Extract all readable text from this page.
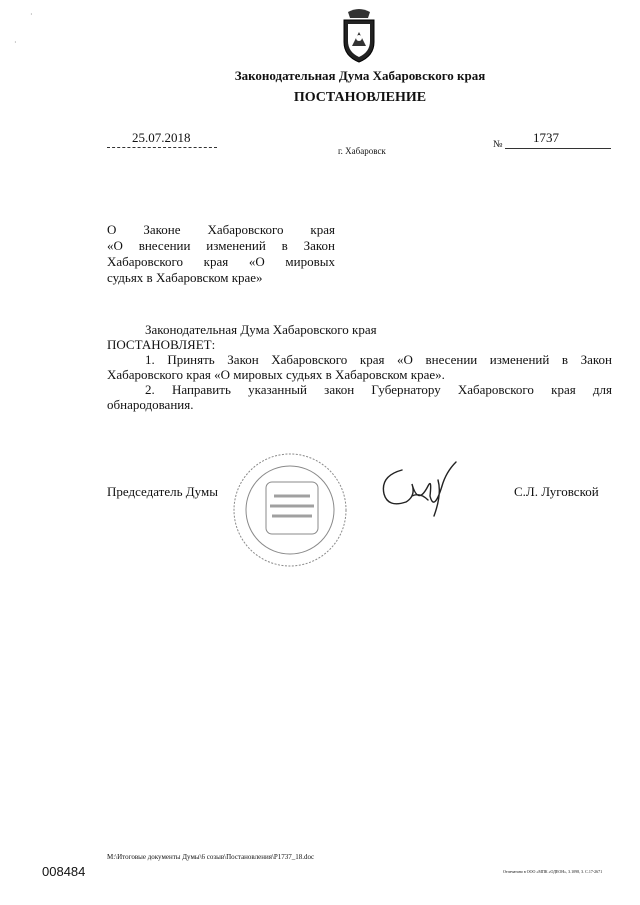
·
·
Законодательная Дума Хабаровского края
ПОСТАНОВЛЕНИЕ
25.07.2018
г. Хабаровск
№ 1737

О Законе Хабаровского края

«О внесении изменений в Закон

Хабаровского края «О мировых

судьях в Хабаровском крае»

Законодательная Дума Хабаровского края

ПОСТАНОВЛЯЕТ:

1. Принять Закон Хабаровского края «О внесении изменений в Закон

Хабаровского края «О мировых судьях в Хабаровском крае».

2. Направить указанный закон Губернатору Хабаровского края для

обнародования.

Председатель Думы	С.Л. Луговской
М:\Итоговые документы Думы\6 созыв\Постановления\Р1737_18.doc
008484	Отпечатано в ООО «МПК «ОДЕОН», 3.1098, 3. С.17-2671
